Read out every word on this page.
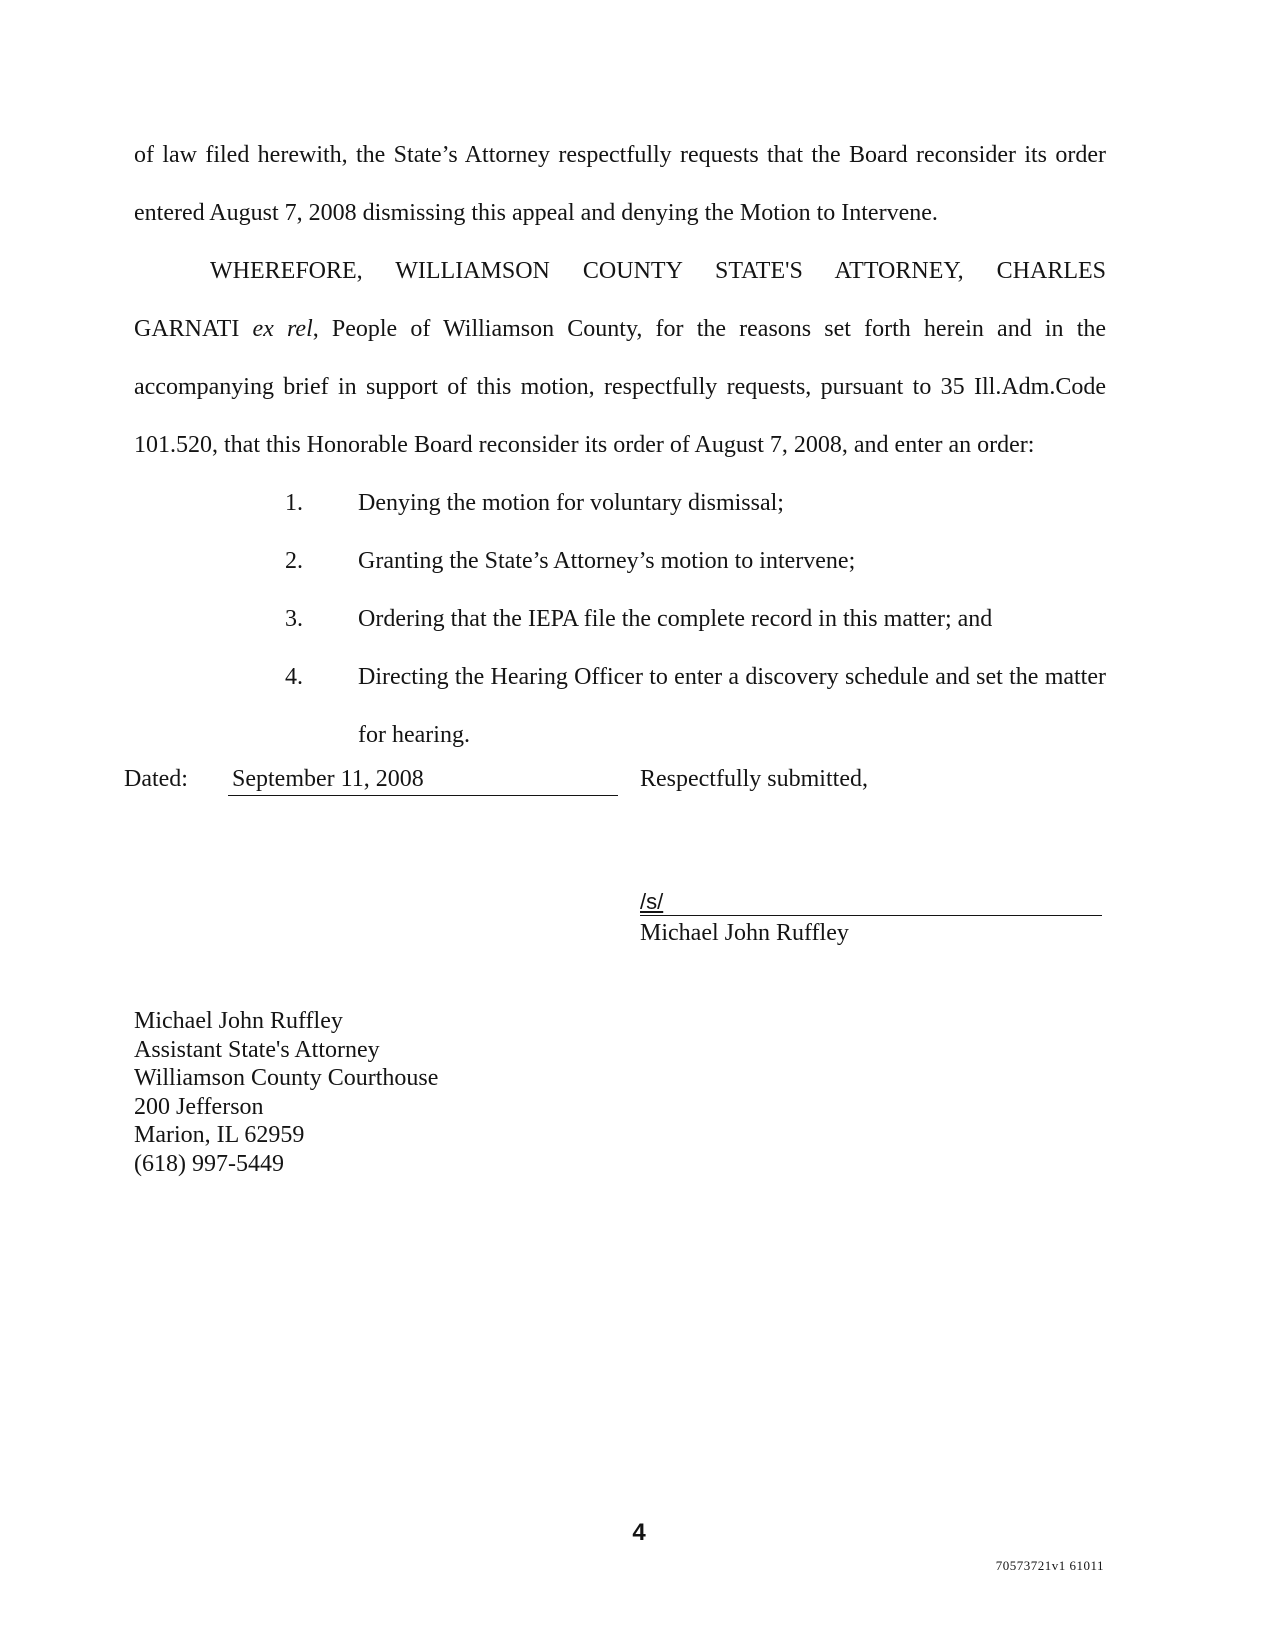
of law filed herewith, the State’s Attorney respectfully requests that the Board reconsider its order entered August 7, 2008 dismissing this appeal and denying the Motion to Intervene.

WHEREFORE, WILLIAMSON COUNTY STATE'S ATTORNEY, CHARLES
GARNATI ex rel, People of Williamson County, for the reasons set forth herein and in the accompanying brief in support of this motion, respectfully requests, pursuant to 35 Ill.Adm.Code 101.520, that this Honorable Board reconsider its order of August 7, 2008, and enter an order:

1. Denying the motion for voluntary dismissal;
2. Granting the State’s Attorney’s motion to intervene;
3. Ordering that the IEPA file the complete record in this matter; and
4. Directing the Hearing Officer to enter a discovery schedule and set the matter for hearing.
Dated: September 11, 2008	Respectfully submitted,
/s/
Michael John Ruffley
Michael John Ruffley
Assistant State's Attorney
Williamson County Courthouse
200 Jefferson
Marion, IL 62959
(618) 997-5449
4
70573721v1 61011
